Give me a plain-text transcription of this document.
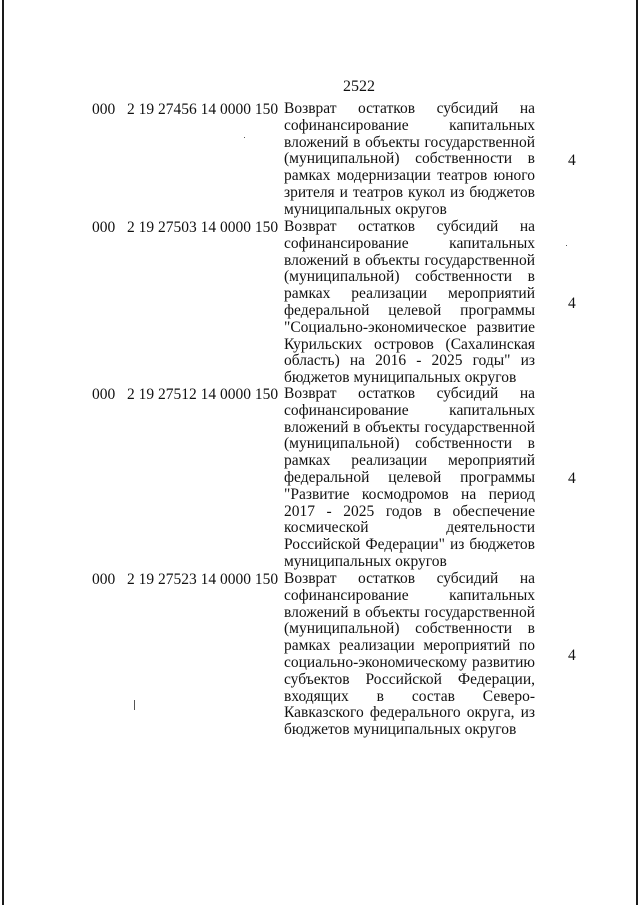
2522
000 2 19 27456 14 0000 150 Возврат остатков субсидий на софинансирование капитальных вложений в объекты государственной (муниципальной) собственности в рамках модернизации театров юного зрителя и театров кукол из бюджетов муниципальных округов
4
000 2 19 27503 14 0000 150 Возврат остатков субсидий на софинансирование капитальных вложений в объекты государственной (муниципальной) собственности в рамках реализации мероприятий федеральной целевой программы "Социально-экономическое развитие Курильских островов (Сахалинская область) на 2016 - 2025 годы" из бюджетов муниципальных округов
4
000 2 19 27512 14 0000 150 Возврат остатков субсидий на софинансирование капитальных вложений в объекты государственной (муниципальной) собственности в рамках реализации мероприятий федеральной целевой программы "Развитие космодромов на период 2017 - 2025 годов в обеспечение космической деятельности Российской Федерации" из бюджетов муниципальных округов
4
000 2 19 27523 14 0000 150 Возврат остатков субсидий на софинансирование капитальных вложений в объекты государственной (муниципальной) собственности в рамках реализации мероприятий по социально-экономическому развитию субъектов Российской Федерации, входящих в состав Северо-Кавказского федерального округа, из бюджетов муниципальных округов
4
